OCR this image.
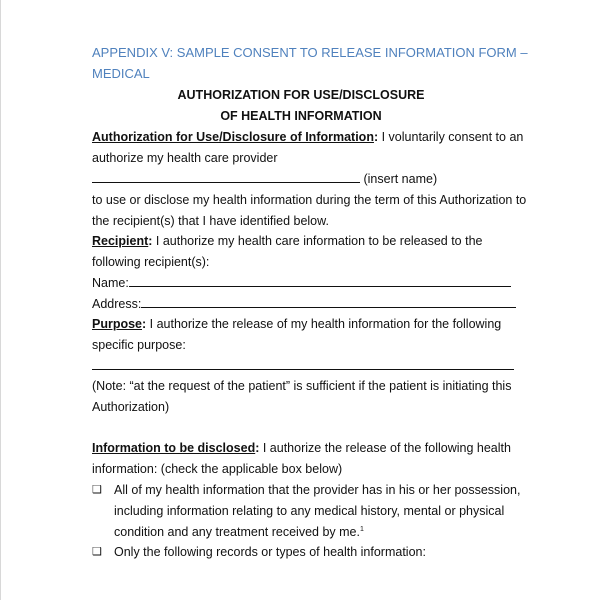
APPENDIX V: SAMPLE CONSENT TO RELEASE INFORMATION FORM –
MEDICAL
AUTHORIZATION FOR USE/DISCLOSURE
OF HEALTH INFORMATION
Authorization for Use/Disclosure of Information: I voluntarily consent to an
authorize my health care provider
(insert name)
to use or disclose my health information during the term of this Authorization to
the recipient(s) that I have identified below.
Recipient: I authorize my health care information to be released to the
following recipient(s):
Name:
Address:
Purpose: I authorize the release of my health information for the following
specific purpose:
(Note: “at the request of the patient” is sufficient if the patient is initiating this
Authorization)
Information to be disclosed: I authorize the release of the following health
information: (check the applicable box below)
❑ All of my health information that the provider has in his or her possession,
including information relating to any medical history, mental or physical
condition and any treatment received by me.$^1$
❑ Only the following records or types of health information:
